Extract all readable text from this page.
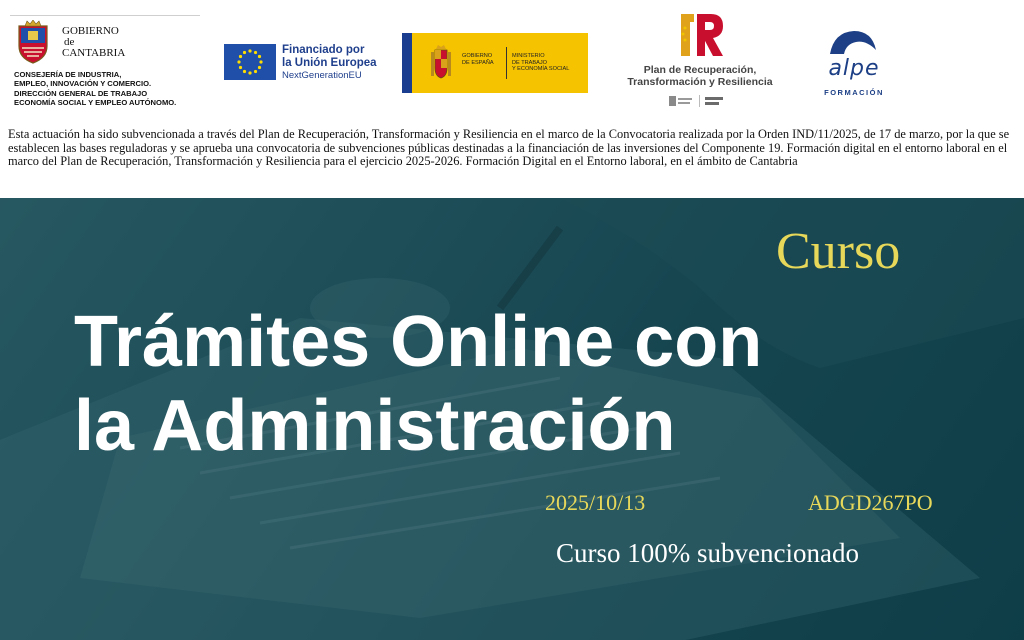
GOBIERNO
de
CANTABRIA
CONSEJERÍA DE INDUSTRIA,
EMPLEO, INNOVACIÓN Y COMERCIO.
DIRECCIÓN GENERAL DE TRABAJO
ECONOMÍA SOCIAL Y EMPLEO AUTÓNOMO.
Financiado por
la Unión Europea
NextGenerationEU
GOBIERNO
DE ESPAÑA
MINISTERIO
DE TRABAJO
Y ECONOMÍA SOCIAL	Plan de Recuperación,
Transformación y Resiliencia
alpe
FORMACIÓN

Esta actuación ha sido subvencionada a través del Plan de Recuperación, Transformación y Resiliencia en el marco de la Convocatoria realizada por la Orden IND/11/2025, de 17 de marzo, por la que se establecen las bases reguladoras y se aprueba una convocatoria de subvenciones públicas destinadas a la financiación de las inversiones del Componente 19. Formación digital en el entorno laboral en el marco del Plan de Recuperación, Transformación y Resiliencia para el ejercicio 2025-2026. Formación Digital en el Entorno laboral, en el ámbito de Cantabria

Curso
Trámites Online con
la Administración
2025/10/13	ADGD267PO
Curso 100% subvencionado
